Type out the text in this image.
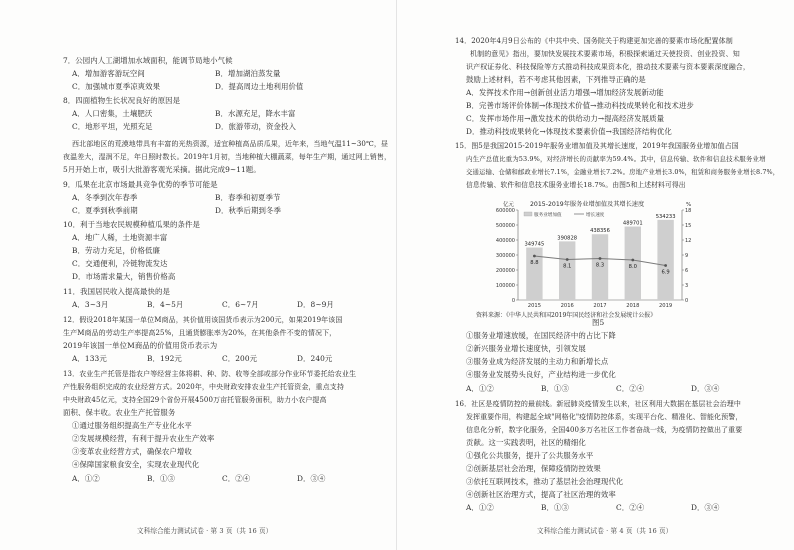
7．公园内人工湖增加水域面积，能调节局地小气候
A．增加游客游玩空间	B．增加湖泊蒸发量
C．加强城市夏季凉爽效果	D．提高周边土地利用价值
8．四面植物生长状况良好的原因是
A．人口密集，土壤肥沃	B．水源充足，降水丰富
C．地形平坦，光照充足	D．旅游带动，资金投入
西北部地区的荒漠地带具有丰富的光热资源，适宜种植高品质瓜果，近年来，当地气温11~30℃，昼
夜温差大，湿润不足，年日照时数长。2019年1月初，当地种植大棚蔬菜，每年生产期，通过网上销售，
5月开始上市，吸引大批游客观光采摘。据此完成9~11题。
9．瓜果在北京市场最具竞争优势的季节可能是
A．冬季到次年春季	B．春季和初夏季节
C．夏季到秋季前期	D．秋季后期到冬季
10．利于当地农民规模种植瓜果的条件是
A．地广人稀，土地资源丰富
B．劳动力充足，价格低廉
C．交通便利，冷链物流发达
D．市场需求量大，销售价格高
11．我国居民收入提高最快的是
A．3~3月	B．4~5月	C．6~7月	D．8~9月
12．假设2018年某国一单位M商品，其价值用该国货币表示为200元，如果2019年该国
生产M商品的劳动生产率提高25%，且通货膨胀率为20%，在其他条件不变的情况下，
2019年该国一单位M商品的价值用货币表示为
A．133元	B．192元	C．200元	D．240元
13．农业生产托管是指农户等经营主体将耕、种、防、收等全部或部分作业环节委托给农业生
产性服务组织完成的农业经营方式。2020年，中央财政安排农业生产托管资金，重点支持
中央财政45亿元，支持全国29个省份开展4500万亩托管服务面积，助力小农户提高
面积、保丰收。农业生产托管服务
①通过服务组织提高生产专业化水平
②发展规模经营，有利于提升农业生产效率
③变革农业经营方式，确保农户增收
④保障国家粮食安全，实现农业现代化
A．①②	B．①③	C．②④	D．③④
文科综合能力测试试卷 · 第 3 页（共 16 页）
14．2020年4月9日公布的《中共中央、国务院关于构建更加完善的要素市场化配置体制
机制的意见》指出，要加快发展技术要素市场，积极探索通过天使投资、创业投资、知
识产权证券化、科技保险等方式推动科技成果资本化，推动技术要素与资本要素深度融合，
鼓励上述材料，若不考虑其他因素，下列推导正确的是
A．发挥技术作用→创新创业活力增强→增加经济发展新动能
B．完善市场评价体制→体现技术价值→推动科技成果转化和技术进步
C．发挥市场作用→激发技术的供给动力→提高经济发展质量
D．推动科技成果转化→体现技术要素价值→我国经济结构优化
15．图5是我国2015-2019年服务业增加值及其增长速度，2019年我国服务业增加值占国
内生产总值比重为53.9%，对经济增长的贡献率为59.4%。其中，信息传输、软件和信息技术服务业增
交通运输、仓储和邮政业增长7.1%，金融业增长7.2%。房地产业增长3.0%，租赁和商务服务业增长8.7%，
信息传输、软件和信息技术服务业增长18.7%。由图5和上述材料可得出
2015-2019年服务业增加值及其增长速度
亿元	%
0
100000
200000
300000
400000
500000
600000
0
3
6
9
12
15
18
服务业增加值	增长速度
349745
2015
390828
2016
438356
2017
489701
2018
534233
2019
8.8
8.1	8.3	8.0
6.9
资料来源：《中华人民共和国2019年国民经济和社会发展统计公报》
图5
①服务业增速放缓，在国民经济中的占比下降
②新兴服务业增长速度快，引领发展
③服务业成为经济发展的主动力和新增长点
④服务业发展势头良好，产业结构进一步优化
A．①②	B．①③	C．②④	D．③④
16．社区是疫情防控的最前线。新冠肺炎疫情发生以来，社区利用大数据在基层社会治理中
发挥重要作用，构建起全域"网格化"疫情防控体系，实现平台化、精准化、智能化预警，
信息化分析，数字化服务，全国400多万名社区工作者奋战一线，为疫情防控做出了重要
贡献。这一实践表明，社区的精细化
①强化公共服务，提升了公共服务水平
②创新基层社会治理，保障疫情防控效果
③依托互联网技术，推动了基层社会治理现代化
④创新社区治理方式，提高了社区治理的效率
A．①②	B．①③	C．②④	D．③④
文科综合能力测试试卷 · 第 4 页（共 16 页）
